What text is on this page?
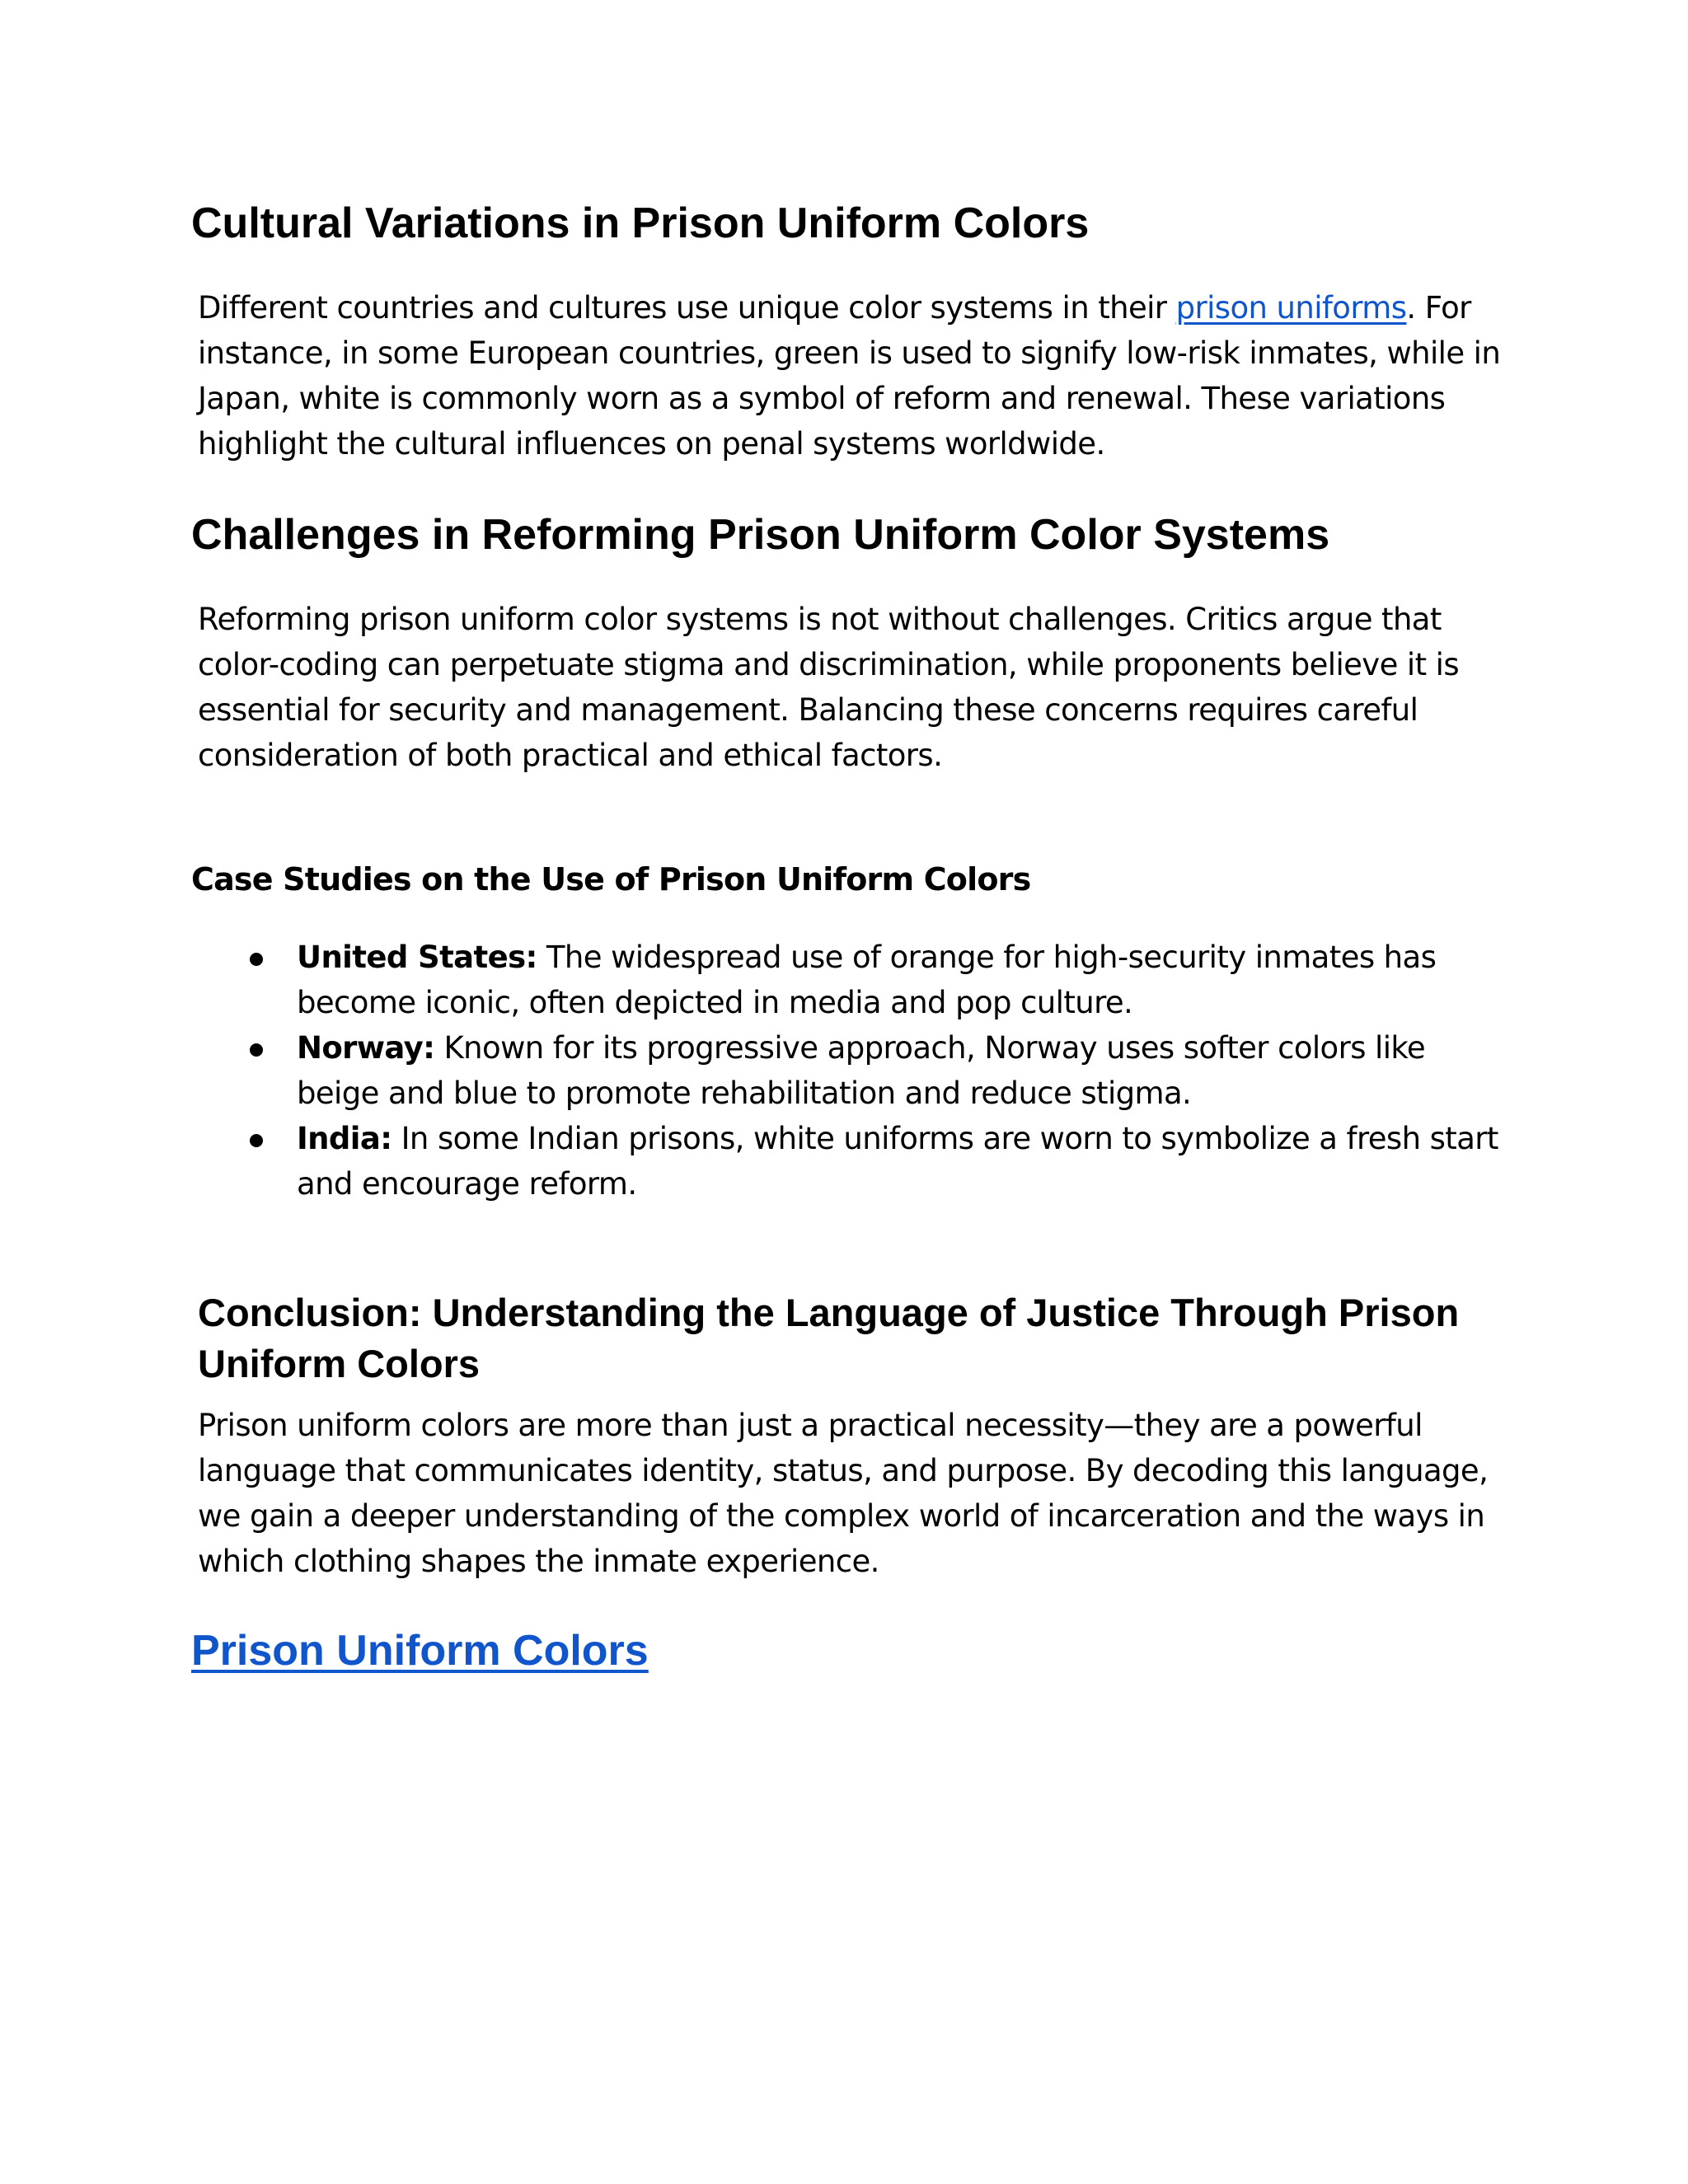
Cultural Variations in Prison Uniform Colors

Different countries and cultures use unique color systems in their prison uniforms. For
instance, in some European countries, green is used to signify low-risk inmates, while in
Japan, white is commonly worn as a symbol of reform and renewal. These variations
highlight the cultural influences on penal systems worldwide.

Challenges in Reforming Prison Uniform Color Systems

Reforming prison uniform color systems is not without challenges. Critics argue that
color-coding can perpetuate stigma and discrimination, while proponents believe it is
essential for security and management. Balancing these concerns requires careful
consideration of both practical and ethical factors.

Case Studies on the Use of Prison Uniform Colors
United States: The widespread use of orange for high-security inmates has
become iconic, often depicted in media and pop culture.
Norway: Known for its progressive approach, Norway uses softer colors like
beige and blue to promote rehabilitation and reduce stigma.
India: In some Indian prisons, white uniforms are worn to symbolize a fresh start
and encourage reform.
Conclusion: Understanding the Language of Justice Through Prison
Uniform Colors

Prison uniform colors are more than just a practical necessity—they are a powerful
language that communicates identity, status, and purpose. By decoding this language,
we gain a deeper understanding of the complex world of incarceration and the ways in
which clothing shapes the inmate experience.

Prison Uniform Colors
